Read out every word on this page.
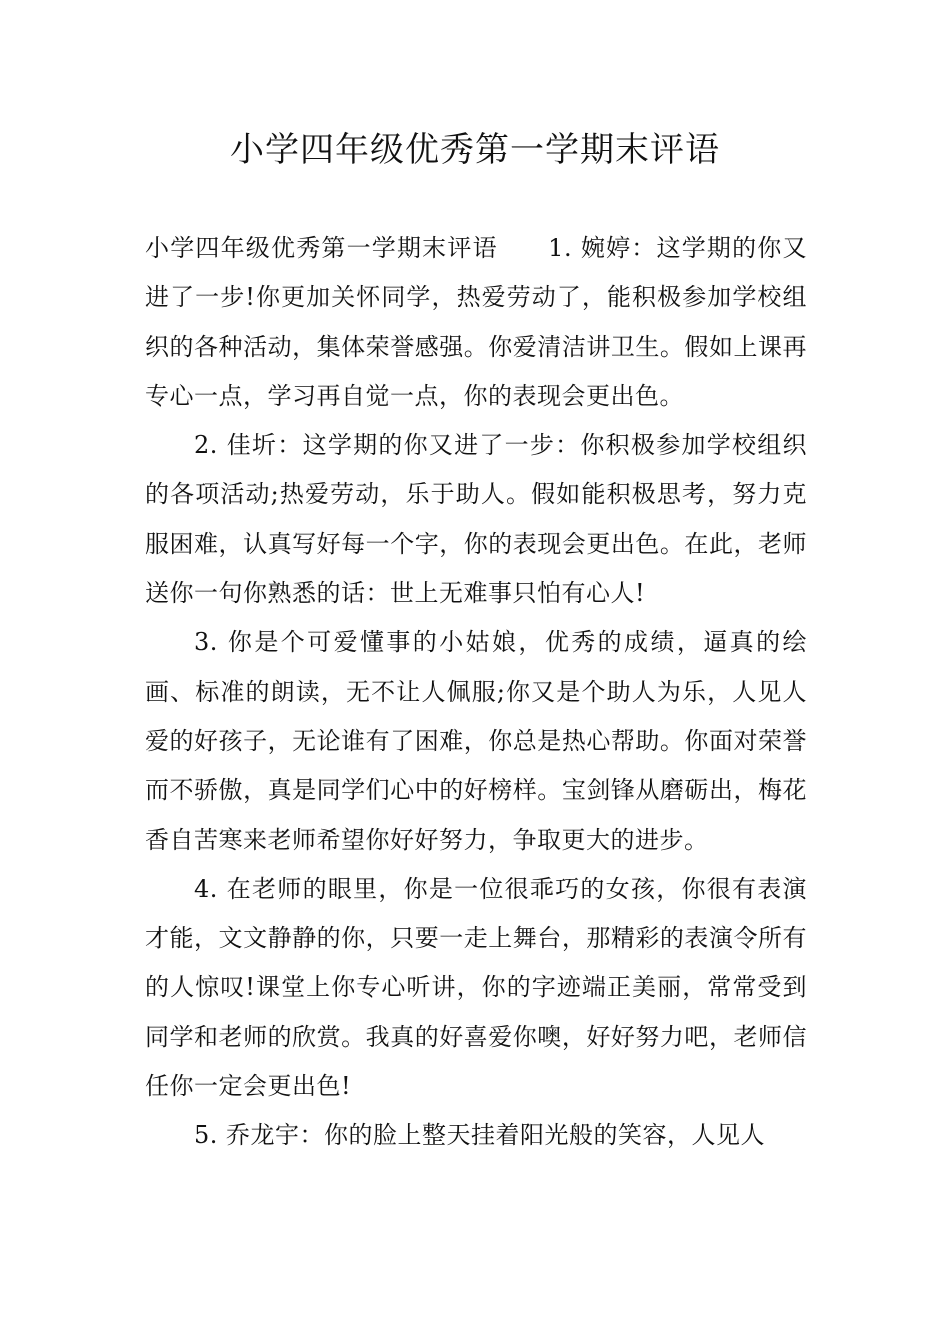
小学四年级优秀第一学期末评语

小学四年级优秀第一学期末评语　　1. 婉婷：这学期的你又进了一步!你更加关怀同学，热爱劳动了，能积极参加学校组织的各种活动，集体荣誉感强。你爱清洁讲卫生。假如上课再专心一点，学习再自觉一点，你的表现会更出色。

2. 佳圻：这学期的你又进了一步：你积极参加学校组织的各项活动;热爱劳动，乐于助人。假如能积极思考，努力克服困难，认真写好每一个字，你的表现会更出色。在此，老师送你一句你熟悉的话：世上无难事只怕有心人!

3. 你是个可爱懂事的小姑娘，优秀的成绩，逼真的绘画、标准的朗读，无不让人佩服;你又是个助人为乐，人见人爱的好孩子，无论谁有了困难，你总是热心帮助。你面对荣誉而不骄傲，真是同学们心中的好榜样。宝剑锋从磨砺出，梅花香自苦寒来老师希望你好好努力，争取更大的进步。

4. 在老师的眼里，你是一位很乖巧的女孩，你很有表演才能，文文静静的你，只要一走上舞台，那精彩的表演令所有的人惊叹!课堂上你专心听讲，你的字迹端正美丽，常常受到同学和老师的欣赏。我真的好喜爱你噢，好好努力吧，老师信任你一定会更出色!

5. 乔龙宇：你的脸上整天挂着阳光般的笑容，人见人
